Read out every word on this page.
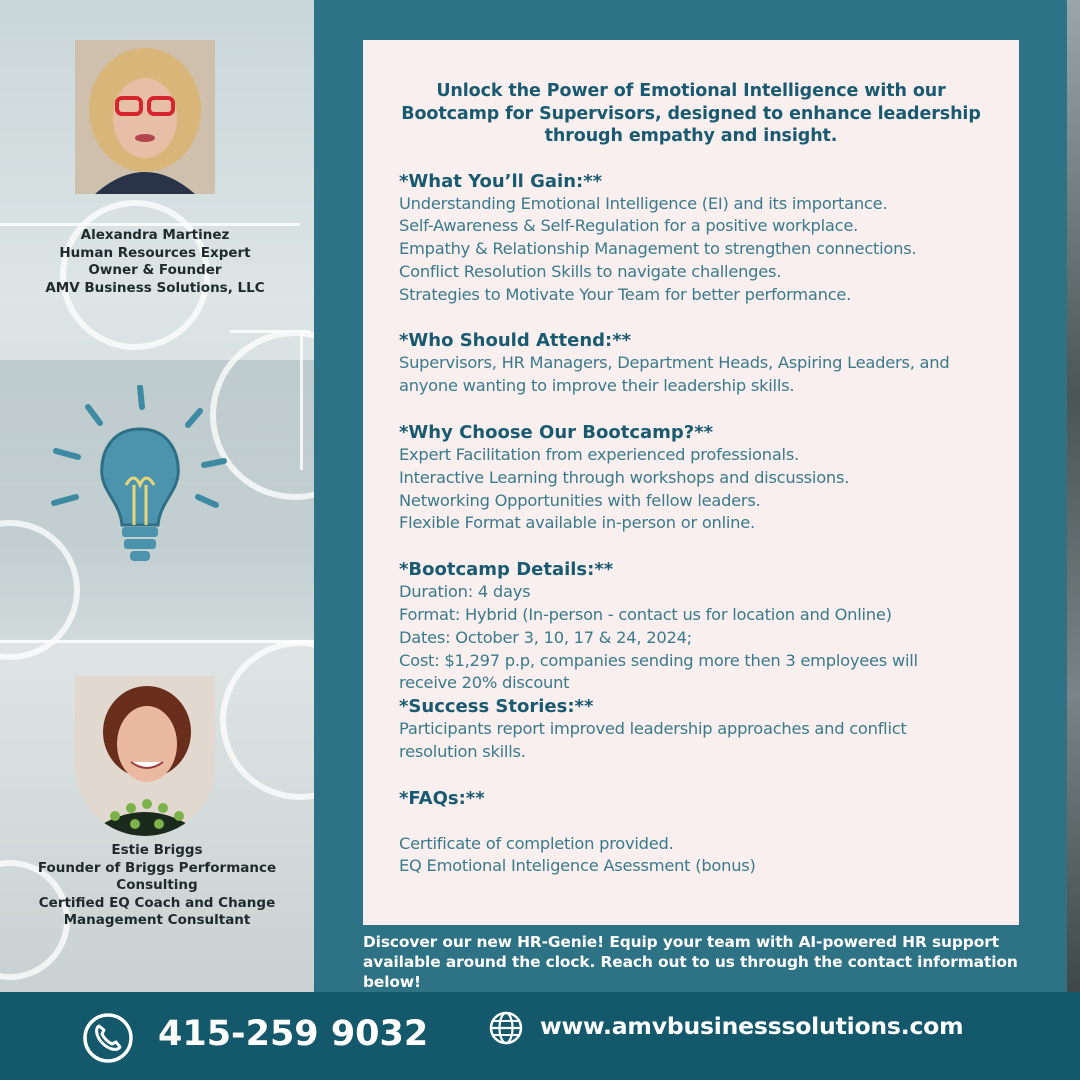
Alexandra Martinez
Human Resources Expert
Owner & Founder
AMV Business Solutions, LLC
Estie Briggs
Founder of Briggs Performance Consulting
Certified EQ Coach and Change
Management Consultant
Unlock the Power of Emotional Intelligence with our Bootcamp for Supervisors, designed to enhance leadership through empathy and insight.
*What You’ll Gain:**
Understanding Emotional Intelligence (EI) and its importance.
Self-Awareness & Self-Regulation for a positive workplace.
Empathy & Relationship Management to strengthen connections.
Conflict Resolution Skills to navigate challenges.
Strategies to Motivate Your Team for better performance.
*Who Should Attend:**
Supervisors, HR Managers, Department Heads, Aspiring Leaders, and
anyone wanting to improve their leadership skills.
*Why Choose Our Bootcamp?**
Expert Facilitation from experienced professionals.
Interactive Learning through workshops and discussions.
Networking Opportunities with fellow leaders.
Flexible Format available in-person or online.
*Bootcamp Details:**
Duration: 4 days
Format: Hybrid (In-person - contact us for location and Online)
Dates: October 3, 10, 17 & 24, 2024;
Cost: $1,297 p.p, companies sending more then 3 employees will
receive 20% discount
*Success Stories:**
Participants report improved leadership approaches and conflict
resolution skills.
*FAQs:**
Certificate of completion provided.
EQ Emotional Inteligence Asessment (bonus)
Discover our new HR-Genie! Equip your team with AI-powered HR support available around the clock. Reach out to us through the contact information below!
415-259 9032	www.amvbusinesssolutions.com
